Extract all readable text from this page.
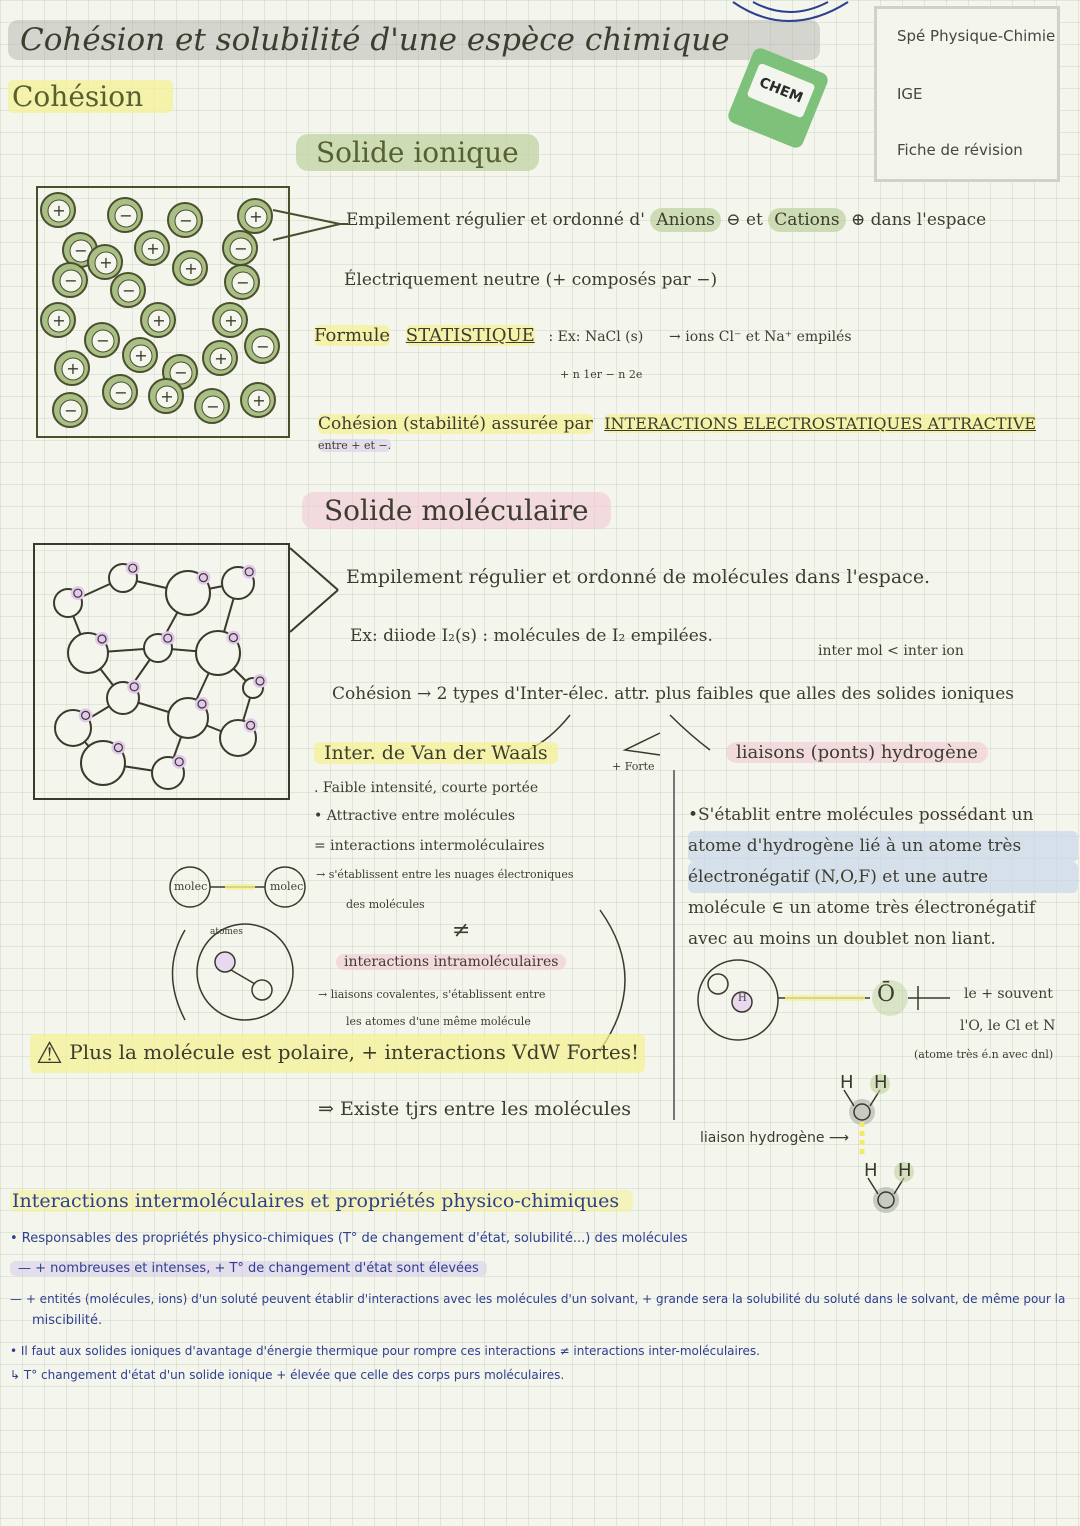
Cohésion et solubilité d'une espèce chimique	Spé Physique-Chimie
IGE
Fiche de révision
CHEM
Cohésion
Solide ionique
+	−	−	+
−	+	−
+	+
−
−	−
+	+	+
−
+	+
−
+	−
− +
− +
−
Empilement régulier et ordonné d' Anions ⊖ et Cations ⊕ dans l'espace
Électriquement neutre (+ composés par −)
Formule STATISTIQUE : Ex: NaCl (s) → ions Cl⁻ et Na⁺ empilés
+ n 1er − n 2e
Cohésion (stabilité) assurée par INTERACTIONS ELECTROSTATIQUES ATTRACTIVE entre + et −.
Solide moléculaire
Empilement régulier et ordonné de molécules dans l'espace.
Ex: diiode I₂(s) : molécules de I₂ empilées.
inter mol < inter ion
Cohésion → 2 types d'Inter-élec. attr. plus faibles que alles des solides ioniques
+ Forte
Inter. de Van der Waals
. Faible intensité, courte portée
• Attractive entre molécules
= interactions intermoléculaires
→ s'établissent entre les nuages électroniques
des molécules
≠
interactions intramoléculaires
→ liaisons covalentes, s'établissent entre
les atomes d'une même molécule
molec	molec
atomes
⚠ Plus la molécule est polaire, + interactions VdW Fortes!
⇒ Existe tjrs entre les molécules
liaisons (ponts) hydrogène
•S'établit entre molécules possédant un
atome d'hydrogène lié à un atome très
électronégatif (N,O,F) et une autre
molécule ∈ un atome très électronégatif
avec au moins un doublet non liant.
H	Ō	le + souvent
l'O, le Cl et N
(atome très é.n avec dnl)
H H
H H
liaison hydrogène ⟶
Interactions intermoléculaires et propriétés physico-chimiques
• Responsables des propriétés physico-chimiques (T° de changement d'état, solubilité...) des molécules
— + nombreuses et intenses, + T° de changement d'état sont élevées
— + entités (molécules, ions) d'un soluté peuvent établir d'interactions avec les molécules d'un solvant, + grande sera la solubilité du soluté dans le solvant, de même pour la
miscibilité.
• Il faut aux solides ioniques d'avantage d'énergie thermique pour rompre ces interactions ≠ interactions inter-moléculaires.
↳ T° changement d'état d'un solide ionique + élevée que celle des corps purs moléculaires.
